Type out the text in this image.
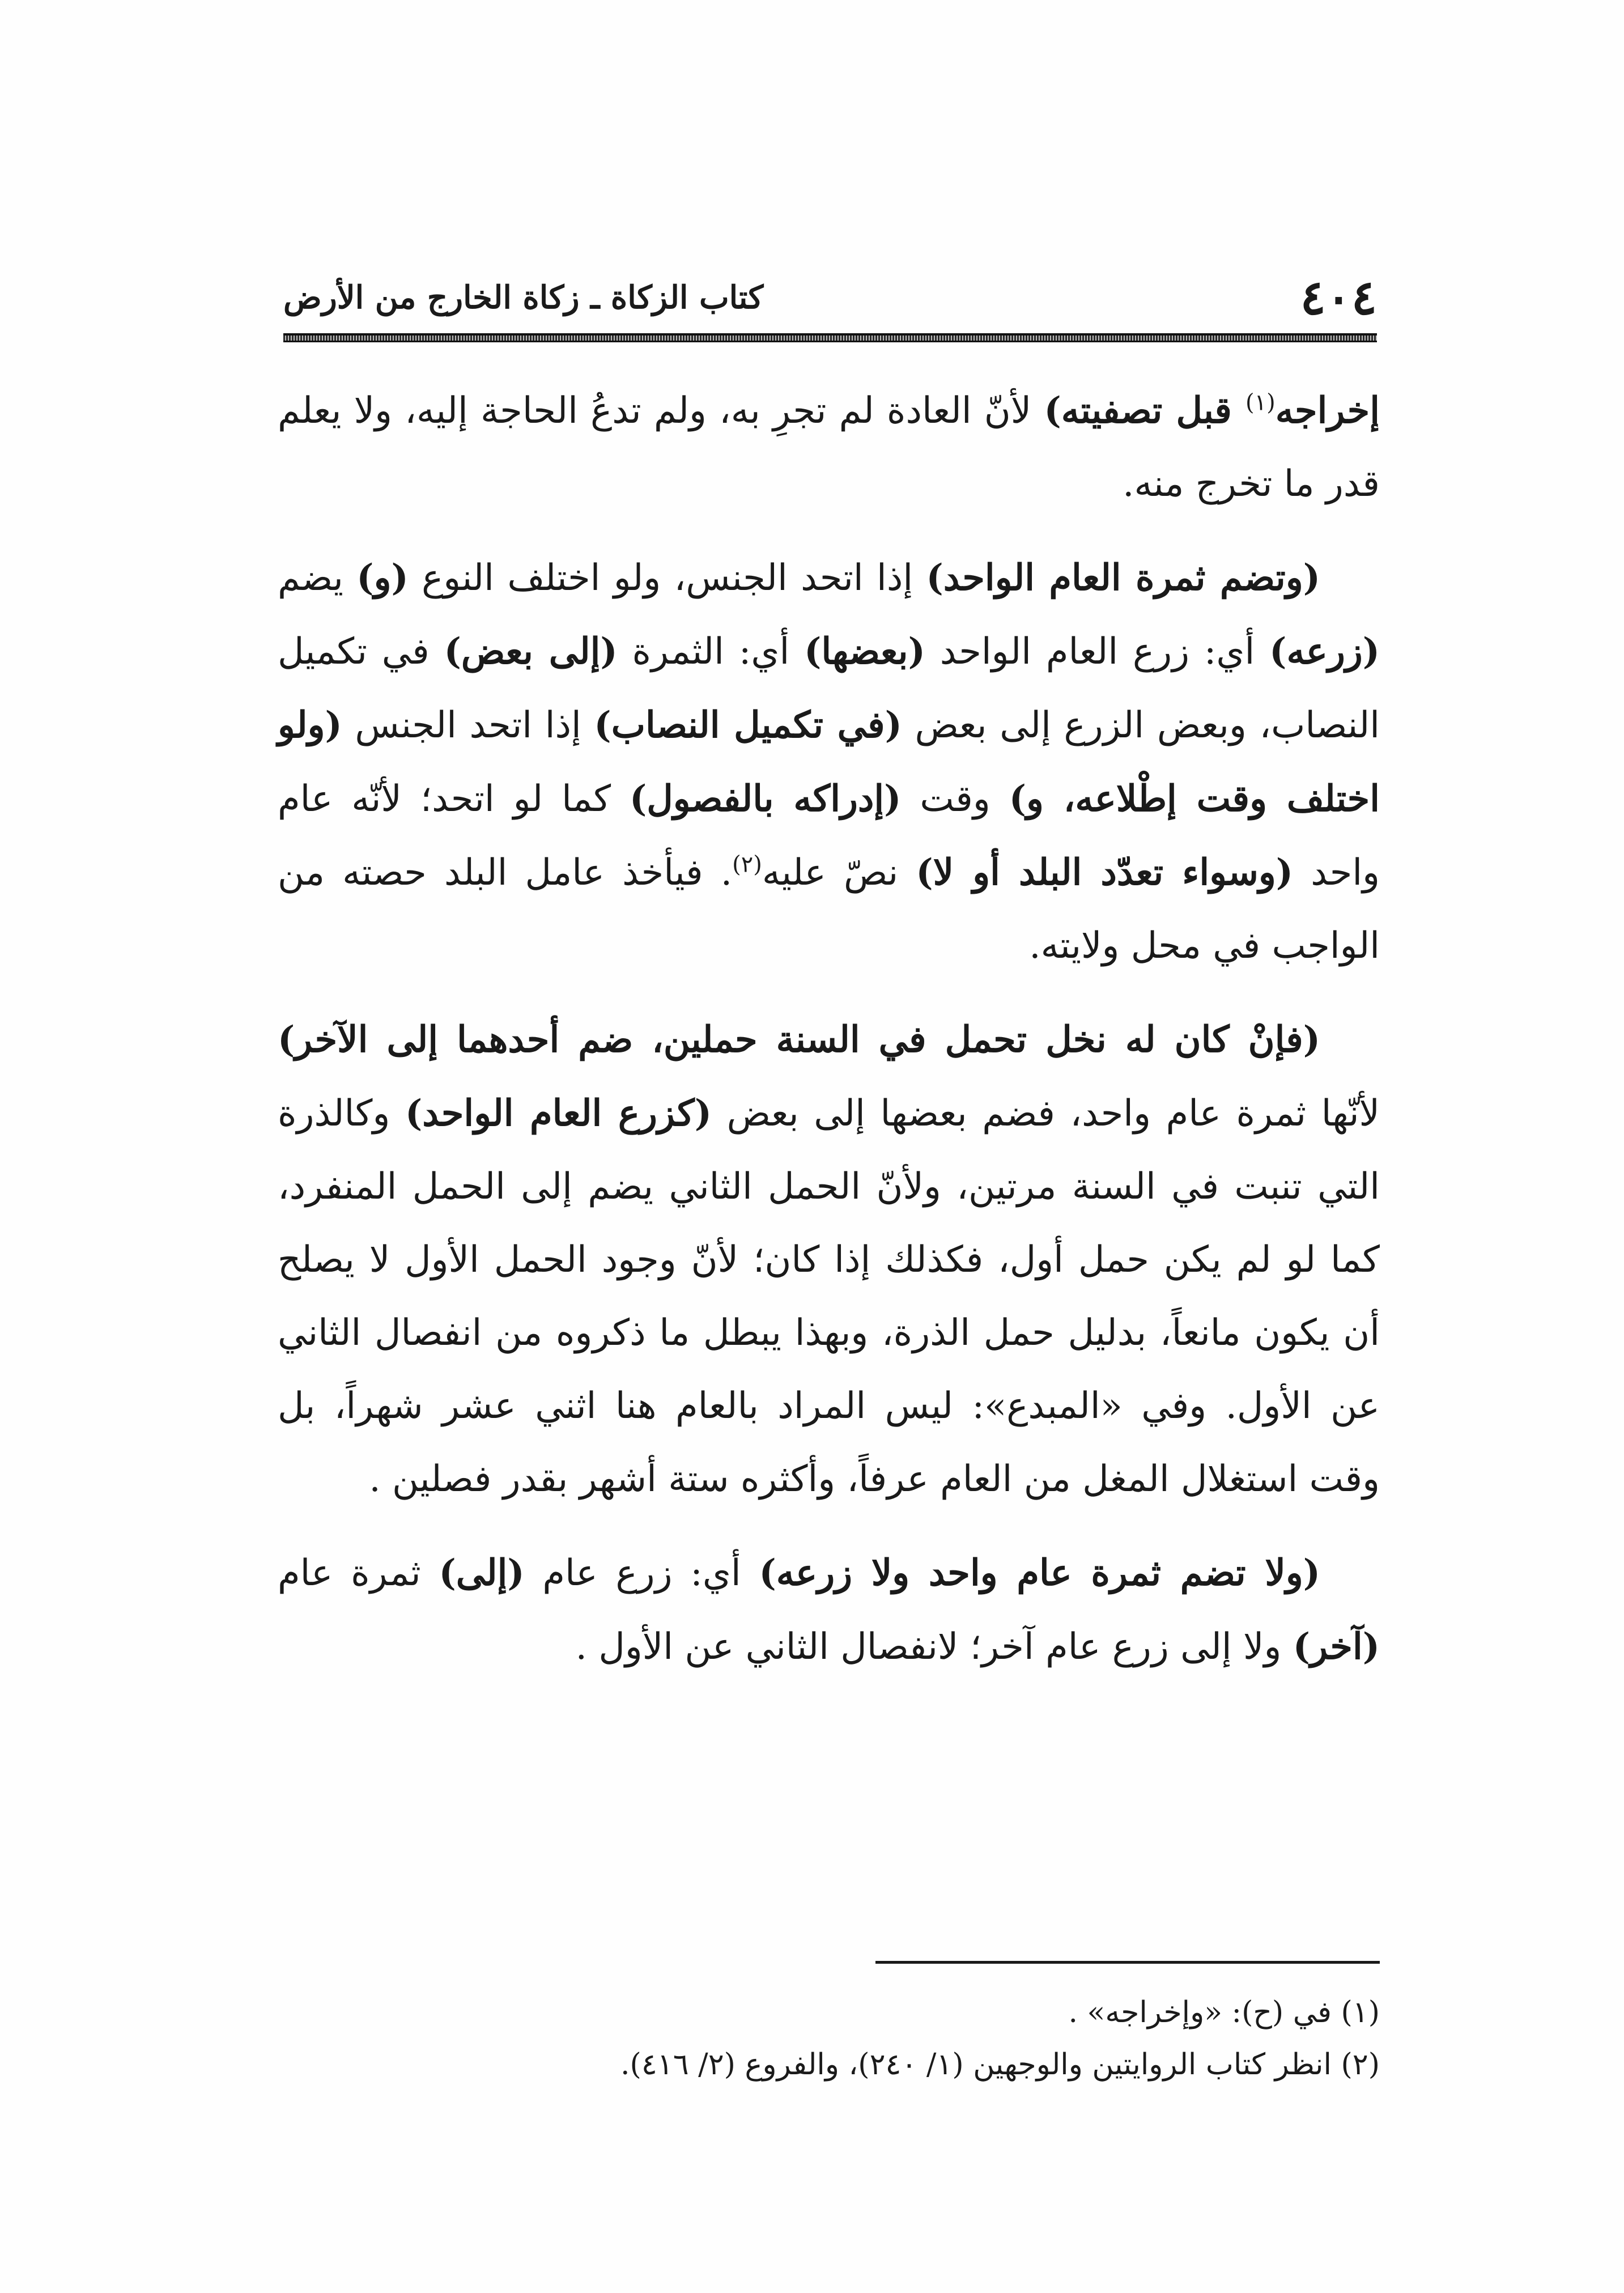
٤٠٤
كتاب الزكاة ـ زكاة الخارج من الأرض

إخراجه$^{(١)}$ قبل تصفيته) لأنّ العادة لم تجرِ به، ولم تدعُ الحاجة إليه، ولا يعلم قدر ما تخرج منه.

(وتضم ثمرة العام الواحد) إذا اتحد الجنس، ولو اختلف النوع (و) يضم (زرعه) أي: زرع العام الواحد (بعضها) أي: الثمرة (إلى بعض) في تكميل النصاب، وبعض الزرع إلى بعض (في تكميل النصاب) إذا اتحد الجنس (ولو اختلف وقت إطْلاعه، و) وقت (إدراكه بالفصول) كما لو اتحد؛ لأنّه عام واحد (وسواء تعدّد البلد أو لا) نصّ عليه$^{(٢)}$. فيأخذ عامل البلد حصته من الواجب في محل ولايته.

(فإنْ كان له نخل تحمل في السنة حملين، ضم أحدهما إلى الآخر) لأنّها ثمرة عام واحد، فضم بعضها إلى بعض (كزرع العام الواحد) وكالذرة التي تنبت في السنة مرتين، ولأنّ الحمل الثاني يضم إلى الحمل المنفرد، كما لو لم يكن حمل أول، فكذلك إذا كان؛ لأنّ وجود الحمل الأول لا يصلح أن يكون مانعاً، بدليل حمل الذرة، وبهذا يبطل ما ذكروه من انفصال الثاني عن الأول. وفي «المبدع»: ليس المراد بالعام هنا اثني عشر شهراً، بل وقت استغلال المغل من العام عرفاً، وأكثره ستة أشهر بقدر فصلين .

(ولا تضم ثمرة عام واحد ولا زرعه) أي: زرع عام (إلى) ثمرة عام (آخر) ولا إلى زرع عام آخر؛ لانفصال الثاني عن الأول .

(١) في (ح): «وإخراجه» .

(٢) انظر كتاب الروايتين والوجهين (١/ ٢٤٠)، والفروع (٢/ ٤١٦).
